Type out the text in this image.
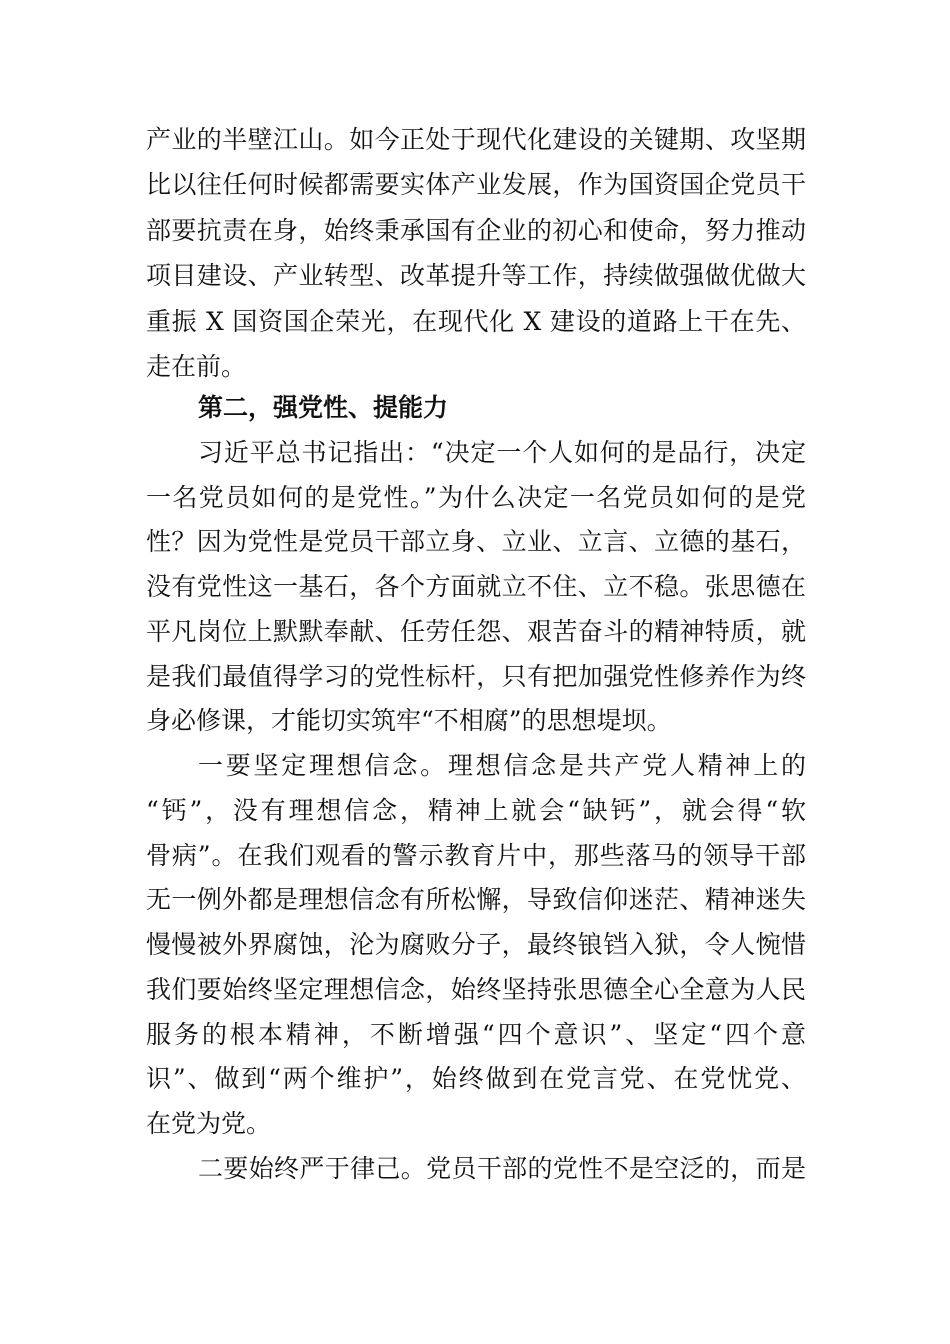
产业的半壁江山。如今正处于现代化建设的关键期、攻坚期
比以往任何时候都需要实体产业发展，作为国资国企党员干
部要抗责在身，始终秉承国有企业的初心和使命，努力推动
项目建设、产业转型、改革提升等工作，持续做强做优做大
重振 X 国资国企荣光，在现代化 X 建设的道路上干在先、
走在前。
第二，强党性、提能力
习近平总书记指出：“决定一个人如何的是品行，决定
一名党员如何的是党性。”为什么决定一名党员如何的是党
性？因为党性是党员干部立身、立业、立言、立德的基石，
没有党性这一基石，各个方面就立不住、立不稳。张思德在
平凡岗位上默默奉献、任劳任怨、艰苦奋斗的精神特质，就
是我们最值得学习的党性标杆，只有把加强党性修养作为终
身必修课，才能切实筑牢“不相腐”的思想堤坝。
一要坚定理想信念。理想信念是共产党人精神上的
“钙”，没有理想信念，精神上就会“缺钙”，就会得“软
骨病”。在我们观看的警示教育片中，那些落马的领导干部
无一例外都是理想信念有所松懈，导致信仰迷茫、精神迷失
慢慢被外界腐蚀，沦为腐败分子，最终锒铛入狱，令人惋惜
我们要始终坚定理想信念，始终坚持张思德全心全意为人民
服务的根本精神，不断增强“四个意识”、坚定“四个意
识”、做到“两个维护”，始终做到在党言党、在党忧党、
在党为党。
二要始终严于律己。党员干部的党性不是空泛的，而是
